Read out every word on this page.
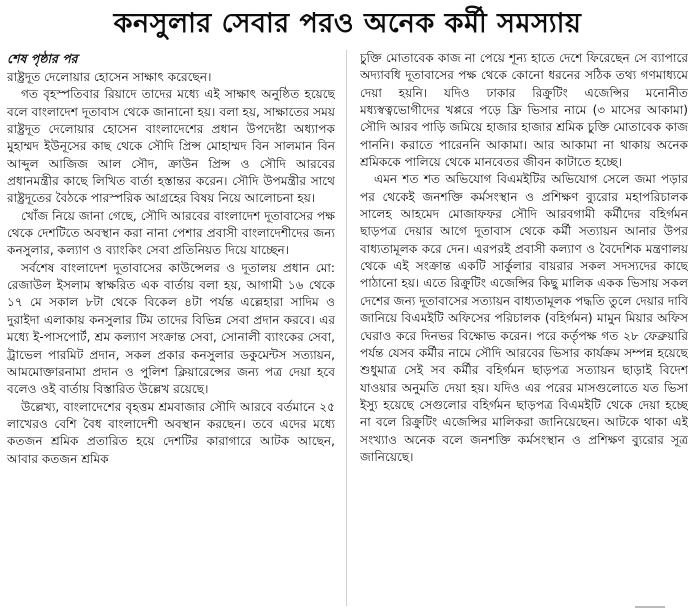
কনসুলার সেবার পরও অনেক কর্মী সমস্যায়

শেষ পৃষ্ঠার পর

রাষ্ট্রদূত দেলোয়ার হোসেন সাক্ষাৎ করেছেন।

গত বৃহস্পতিবার রিয়াদে তাদের মধ্যে এই সাক্ষাৎ অনুষ্ঠিত হয়েছে বলে বাংলাদেশ দূতাবাস থেকে জানানো হয়। বলা হয়, সাক্ষাতের সময় রাষ্ট্রদূত দেলোয়ার হোসেন বাংলাদেশের প্রধান উপদেষ্টা অধ্যাপক মুহাম্মদ ইউনূসের কাছ থেকে সৌদি প্রিন্স মোহাম্মদ বিন সালমান বিন আব্দুল আজিজ আল সৌদ, ক্রাউন প্রিন্স ও সৌদি আরবের প্রধানমন্ত্রীর কাছে লিখিত বার্তা হস্তান্তর করেন। সৌদি উপমন্ত্রীর সাথে রাষ্ট্রদূতের বৈঠকে পারস্পরিক আগ্রহের বিষয় নিয়ে আলোচনা হয়।

খোঁজ নিয়ে জানা গেছে, সৌদি আরবের বাংলাদেশ দূতাবাসের পক্ষ থেকে দেশটিতে অবস্থান করা নানা পেশার প্রবাসী বাংলাদেশীদের জন্য কনসুলার, কল্যাণ ও ব্যাংকিং সেবা প্রতিনিয়ত দিয়ে যাচ্ছেন।

সর্বশেষ বাংলাদেশ দূতাবাসের কাউন্সেলর ও দূতালয় প্রধান মো: রেজাউল ইসলাম স্বাক্ষরিত এক বার্তায় বলা হয়, আগামী ১৬ থেকে ১৭ মে সকাল ৮টা থেকে বিকেল ৪টা পর্যন্ত এল্লেহারা সাদিম ও দুরাইদা এলাকায় কনসুলার টিম তাদের বিভিন্ন সেবা প্রদান করবে। এর মধ্যে ই-পাসপোর্ট, শ্রম কল্যাণ সংক্রান্ত সেবা, সোনালী ব্যাংকের সেবা, ট্রাভেল পারমিট প্রদান, সকল প্রকার কনসুলার ডকুমেন্টস সত্যায়ন, আমমোক্তারনামা প্রদান ও পুলিশ ক্লিয়ারেন্সের জন্য পত্র দেয়া হবে বলেও ওই বার্তায় বিস্তারিত উল্লেখ রয়েছে।

উল্লেখ্য, বাংলাদেশের বৃহত্তম শ্রমবাজার সৌদি আরবে বর্তমানে ২৫ লাখেরও বেশি বৈধ বাংলাদেশী অবস্থান করছেন। তবে এদের মধ্যে কতজন শ্রমিক প্রতারিত হয়ে দেশটির কারাগারে আটক আছেন, আবার কতজন শ্রমিক

চুক্তি মোতাবেক কাজ না পেয়ে শূন্য হাতে দেশে ফিরেছেন সে ব্যাপারে অদ্যাবধি দূতাবাসের পক্ষ থেকে কোনো ধরনের সঠিক তথ্য গণমাধ্যমে দেয়া হয়নি। যদিও ঢাকার রিক্রুটিং এজেন্সির মনোনীত মধ্যস্বত্বভোগীদের খপ্পরে পড়ে ফ্রি ভিসার নামে (৩ মাসের আকামা) সৌদি আরব পাড়ি জমিয়ে হাজার হাজার শ্রমিক চুক্তি মোতাবেক কাজ পাননি। করাতে পারেননি আকামা। আর আকামা না থাকায় অনেক শ্রমিককে পালিয়ে থেকে মানবেতর জীবন কাটাতে হচ্ছে।

এমন শত শত অভিযোগ বিএমইটির অভিযোগ সেলে জমা পড়ার পর থেকেই জনশক্তি কর্মসংস্থান ও প্রশিক্ষণ ব্যুরোর মহাপরিচালক সালেহ আহমেদ মোজাফফর সৌদি আরবগামী কর্মীদের বহির্গমন ছাড়পত্র দেয়ার আগে দূতাবাস থেকে কর্মী সত্যায়ন আনার উপর বাধ্যতামূলক করে দেন। এরপরই প্রবাসী কল্যাণ ও বৈদেশিক মন্ত্রণালয় থেকে এই সংক্রান্ত একটি সার্কুলার বায়রার সকল সদস্যদের কাছে পাঠানো হয়। এতে রিক্রুটিং এজেন্সির কিছু মালিক একক ভিসায় সকল দেশের জন্য দূতাবাসের সত্যায়ন বাধ্যতামূলক পদ্ধতি তুলে দেয়ার দাবি জানিয়ে বিএমইটি অফিসের পরিচালক (বহির্গমন) মামুন মিয়ার অফিস ঘেরাও করে দিনভর বিক্ষোভ করেন। পরে কর্তৃপক্ষ গত ২৮ ফেব্রুয়ারি পর্যন্ত যেসব কর্মীর নামে সৌদি আরবের ভিসার কার্যক্রম সম্পন্ন হয়েছে শুধুমাত্র সেই সব কর্মীর বহির্গমন ছাড়পত্র সত্যায়ন ছাড়াই বিদেশ যাওয়ার অনুমতি দেয়া হয়। যদিও এর পরের মাসগুলোতে যত ভিসা ইস্যু হয়েছে সেগুলোর বহির্গমন ছাড়পত্র বিএমইটি থেকে দেয়া হচ্ছে না বলে রিক্রুটিং এজেন্সির মালিকরা জানিয়েছেন। আটকে থাকা এই সংখ্যাও অনেক বলে জনশক্তি কর্মসংস্থান ও প্রশিক্ষণ ব্যুরোর সূত্র জানিয়েছে।
